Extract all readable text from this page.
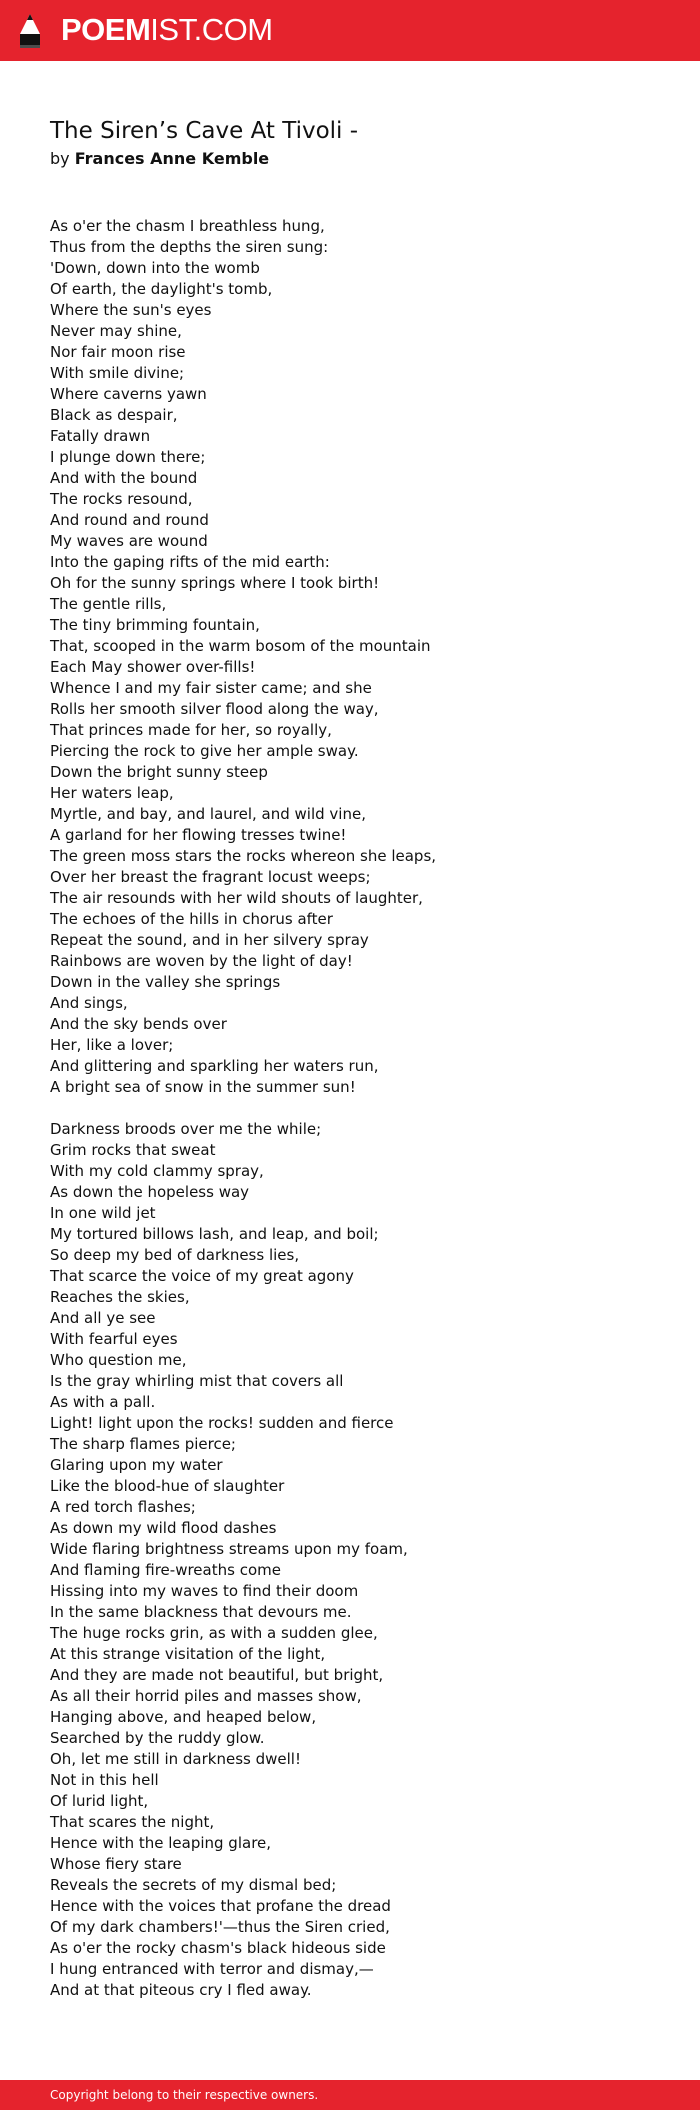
POEMIST.COM
The Siren’s Cave At Tivoli -

by Frances Anne Kemble

As o'er the chasm I breathless hung,
Thus from the depths the siren sung:
'Down, down into the womb
Of earth, the daylight's tomb,
Where the sun's eyes
Never may shine,
Nor fair moon rise
With smile divine;
Where caverns yawn
Black as despair,
Fatally drawn
I plunge down there;
And with the bound
The rocks resound,
And round and round
My waves are wound
Into the gaping rifts of the mid earth:
Oh for the sunny springs where I took birth!
The gentle rills,
The tiny brimming fountain,
That, scooped in the warm bosom of the mountain
Each May shower over-fills!
Whence I and my fair sister came; and she
Rolls her smooth silver flood along the way,
That princes made for her, so royally,
Piercing the rock to give her ample sway.
Down the bright sunny steep
Her waters leap,
Myrtle, and bay, and laurel, and wild vine,
A garland for her flowing tresses twine!
The green moss stars the rocks whereon she leaps,
Over her breast the fragrant locust weeps;
The air resounds with her wild shouts of laughter,
The echoes of the hills in chorus after
Repeat the sound, and in her silvery spray
Rainbows are woven by the light of day!
Down in the valley she springs
And sings,
And the sky bends over
Her, like a lover;
And glittering and sparkling her waters run,
A bright sea of snow in the summer sun!
Darkness broods over me the while;
Grim rocks that sweat
With my cold clammy spray,
As down the hopeless way
In one wild jet
My tortured billows lash, and leap, and boil;
So deep my bed of darkness lies,
That scarce the voice of my great agony
Reaches the skies,
And all ye see
With fearful eyes
Who question me,
Is the gray whirling mist that covers all
As with a pall.
Light! light upon the rocks! sudden and fierce
The sharp flames pierce;
Glaring upon my water
Like the blood-hue of slaughter
A red torch flashes;
As down my wild flood dashes
Wide flaring brightness streams upon my foam,
And flaming fire-wreaths come
Hissing into my waves to find their doom
In the same blackness that devours me.
The huge rocks grin, as with a sudden glee,
At this strange visitation of the light,
And they are made not beautiful, but bright,
As all their horrid piles and masses show,
Hanging above, and heaped below,
Searched by the ruddy glow.
Oh, let me still in darkness dwell!
Not in this hell
Of lurid light,
That scares the night,
Hence with the leaping glare,
Whose fiery stare
Reveals the secrets of my dismal bed;
Hence with the voices that profane the dread
Of my dark chambers!'—thus the Siren cried,
As o'er the rocky chasm's black hideous side
I hung entranced with terror and dismay,—
And at that piteous cry I fled away.
Copyright belong to their respective owners.
